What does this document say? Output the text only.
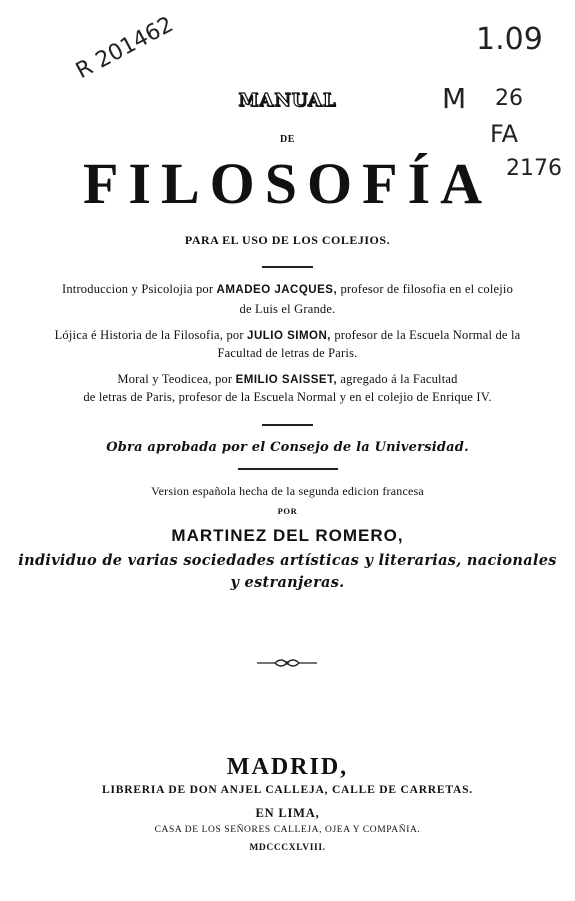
R 201462	1.09
M 26
FA
2176
MANUAL
DE
FILOSOFÍA
PARA EL USO DE LOS COLEJIOS.
Introduccion y Psicolojia por AMADEO JACQUES, profesor de filosofia en el colejio
de Luis el Grande.
Lójica é Historia de la Filosofia, por JULIO SIMON, profesor de la Escuela Normal de la
Facultad de letras de Paris.
Moral y Teodicea, por EMILIO SAISSET, agregado á la Facultad
de letras de Paris, profesor de la Escuela Normal y en el colejio de Enrique IV.
Obra aprobada por el Consejo de la Universidad.
Version española hecha de la segunda edicion francesa
POR
MARTINEZ DEL ROMERO,
individuo de varias sociedades artísticas y literarias, nacionales
y estranjeras.
MADRID,
LIBRERIA DE DON ANJEL CALLEJA, CALLE DE CARRETAS.
EN LIMA,
CASA DE LOS SEÑORES CALLEJA, OJEA Y COMPAÑIA.
MDCCCXLVIII.
